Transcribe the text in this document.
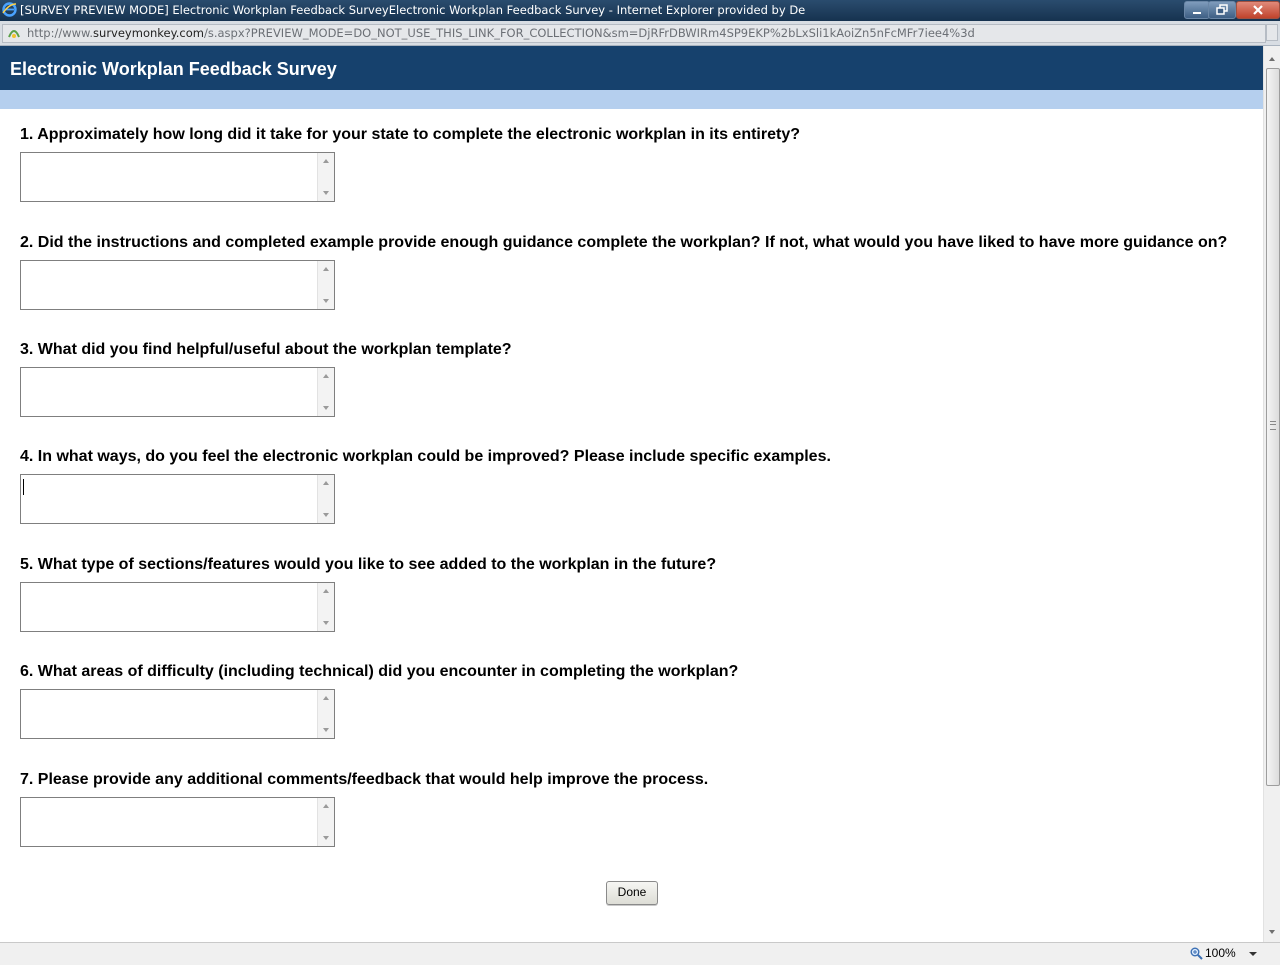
[SURVEY PREVIEW MODE] Electronic Workplan Feedback SurveyElectronic Workplan Feedback Survey - Internet Explorer provided by De
http://www.surveymonkey.com/s.aspx?PREVIEW_MODE=DO_NOT_USE_THIS_LINK_FOR_COLLECTION&sm=DjRFrDBWIRm4SP9EKP%2bLxSli1kAoiZn5nFcMFr7iee4%3d
Electronic Workplan Feedback Survey
1. Approximately how long did it take for your state to complete the electronic workplan in its entirety?
2. Did the instructions and completed example provide enough guidance complete the workplan? If not, what would you have liked to have more guidance on?
3. What did you find helpful/useful about the workplan template?
4. In what ways, do you feel the electronic workplan could be improved? Please include specific examples.
5. What type of sections/features would you like to see added to the workplan in the future?
6. What areas of difficulty (including technical) did you encounter in completing the workplan?
7. Please provide any additional comments/feedback that would help improve the process.
Done
100%
